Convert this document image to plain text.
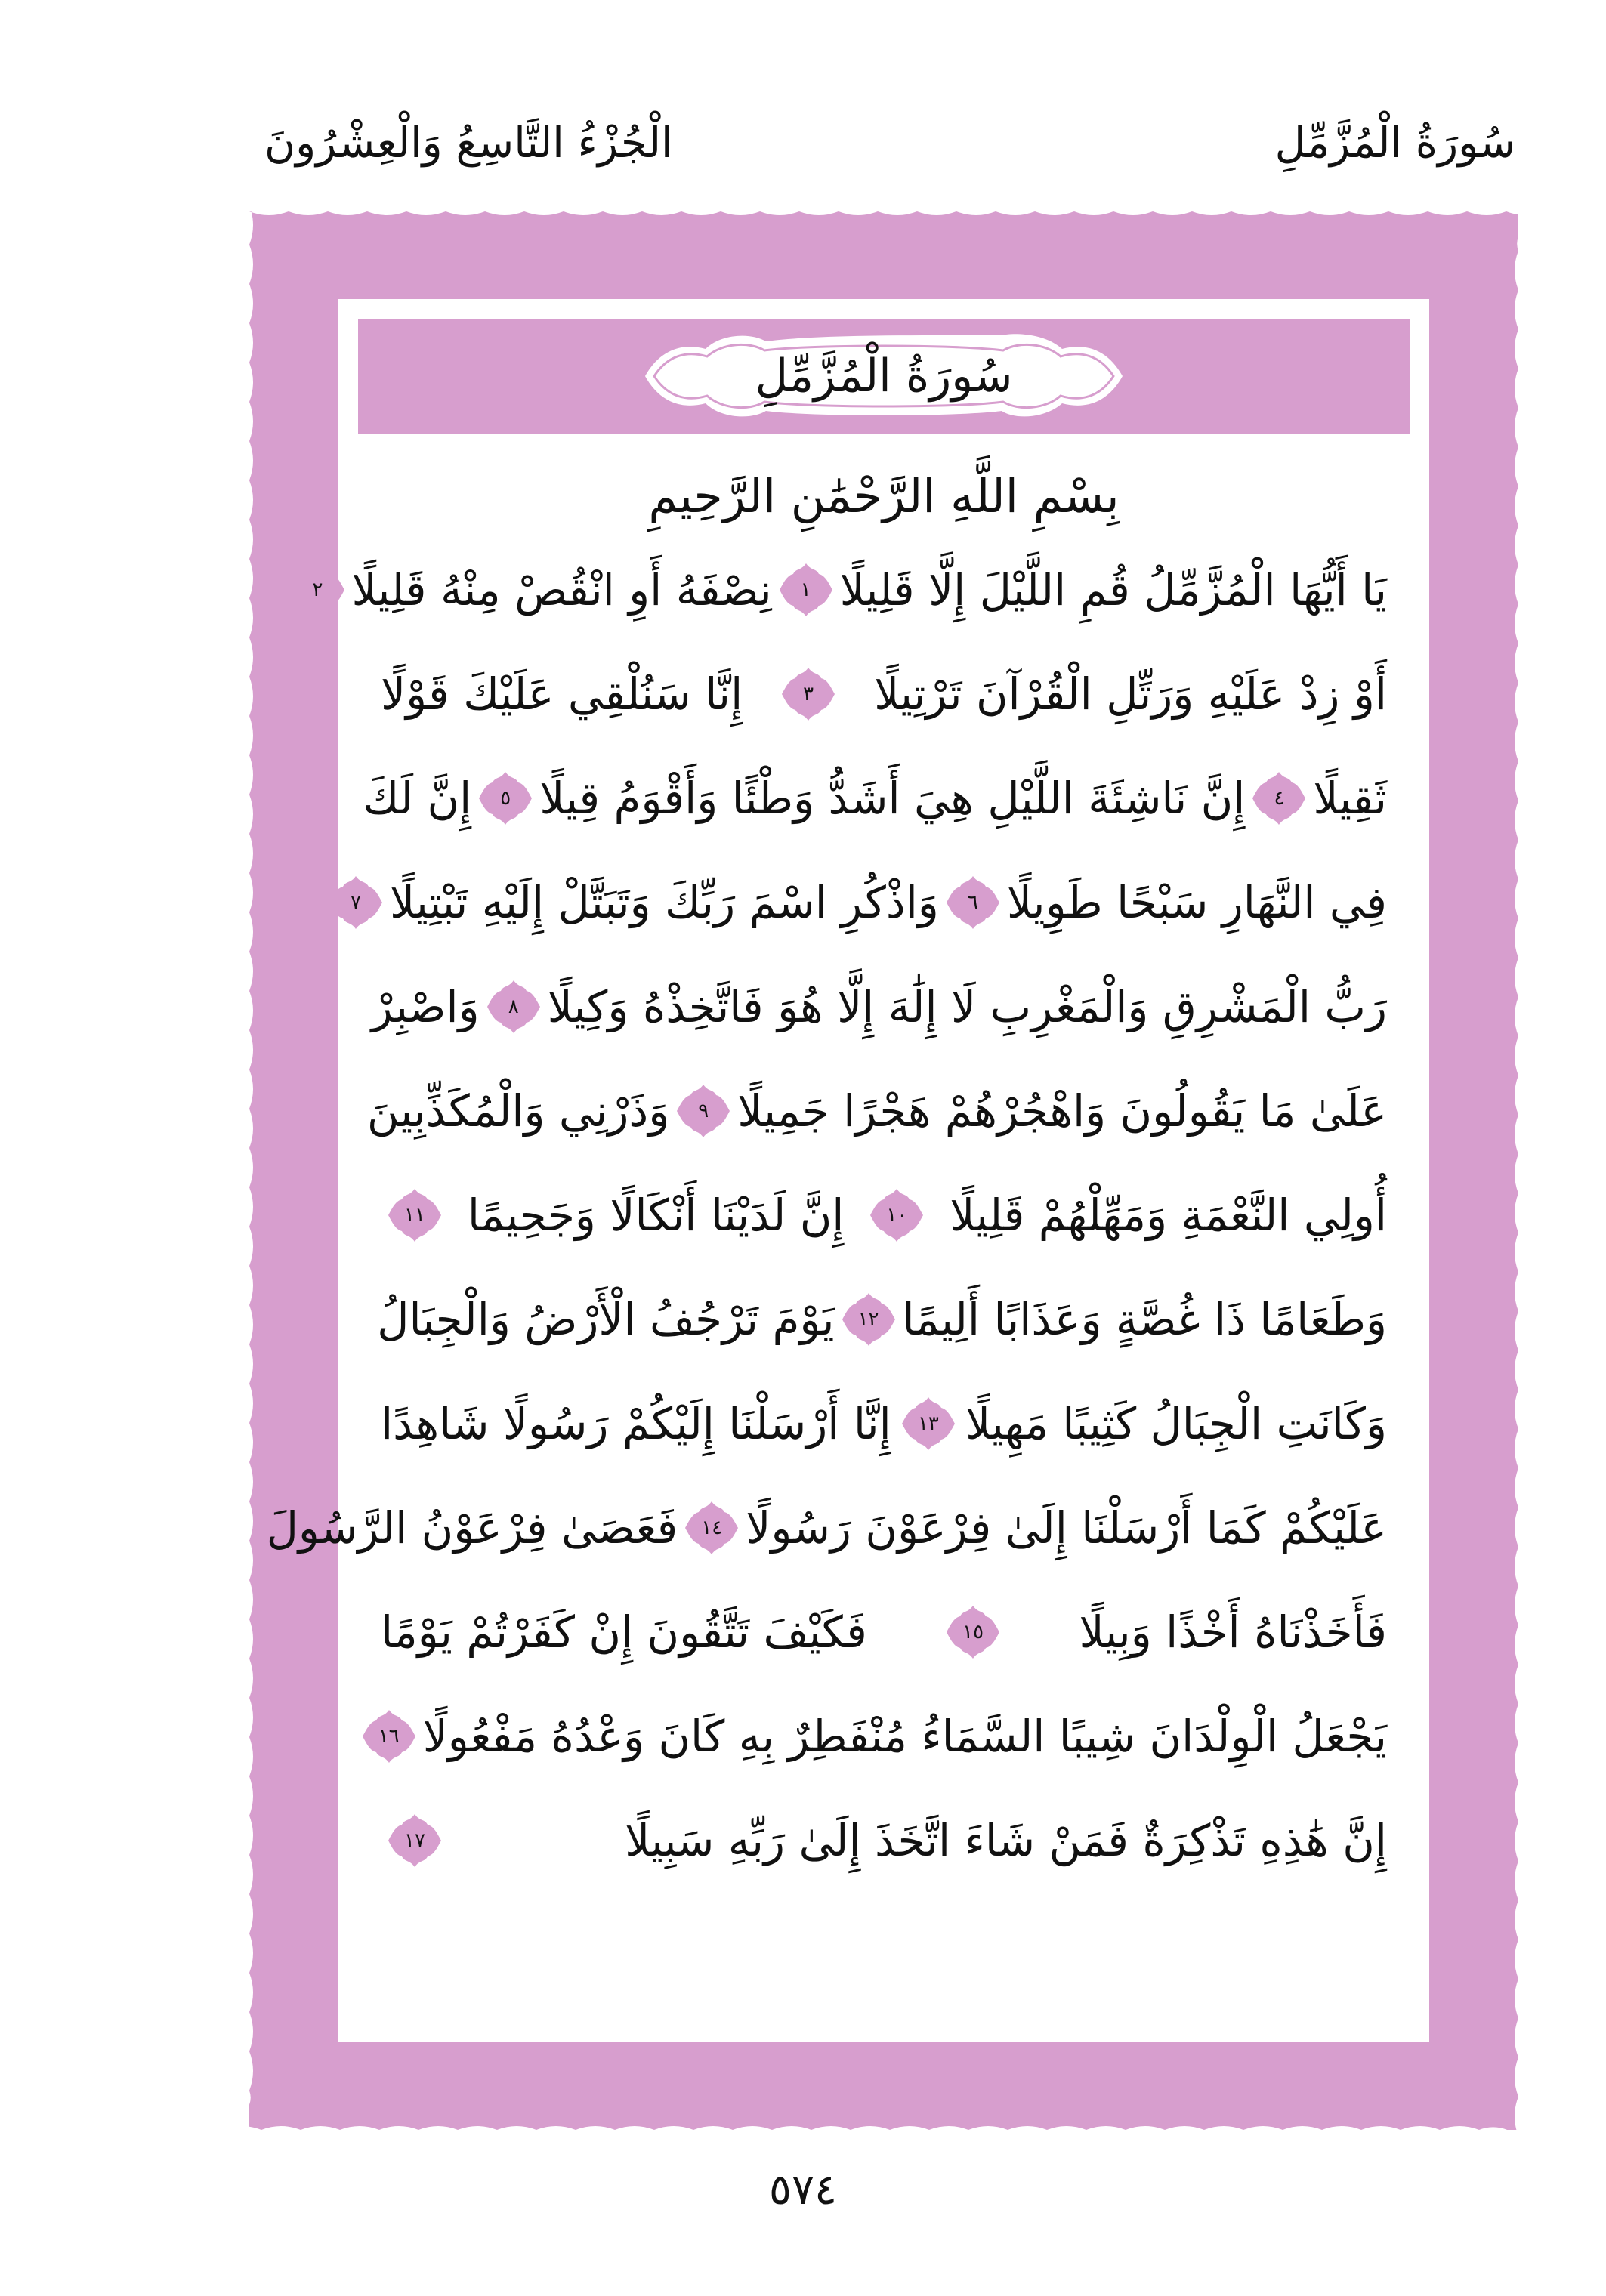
سُورَةُ الْمُزَّمِّلِ
الْجُزْءُ التَّاسِعُ وَالْعِشْرُونَ
سُورَةُ الْمُزَّمِّلِ
بِسْمِ اللَّهِ الرَّحْمَٰنِ الرَّحِيمِ
يَا أَيُّهَا الْمُزَّمِّلُ قُمِ اللَّيْلَ إِلَّا قَلِيلًا
١
نِصْفَهُ أَوِ انْقُصْ مِنْهُ قَلِيلًا
٢
أَوْ زِدْ عَلَيْهِ وَرَتِّلِ الْقُرْآنَ تَرْتِيلًا
٣
إِنَّا سَنُلْقِي عَلَيْكَ قَوْلًا
ثَقِيلًا
٤
إِنَّ نَاشِئَةَ اللَّيْلِ هِيَ أَشَدُّ وَطْئًا وَأَقْوَمُ قِيلًا
٥
إِنَّ لَكَ
فِي النَّهَارِ سَبْحًا طَوِيلًا
٦
وَاذْكُرِ اسْمَ رَبِّكَ وَتَبَتَّلْ إِلَيْهِ تَبْتِيلًا
٧
رَبُّ الْمَشْرِقِ وَالْمَغْرِبِ لَا إِلَٰهَ إِلَّا هُوَ فَاتَّخِذْهُ وَكِيلًا
٨
وَاصْبِرْ
عَلَىٰ مَا يَقُولُونَ وَاهْجُرْهُمْ هَجْرًا جَمِيلًا
٩
وَذَرْنِي وَالْمُكَذِّبِينَ
أُولِي النَّعْمَةِ وَمَهِّلْهُمْ قَلِيلًا
١٠
إِنَّ لَدَيْنَا أَنْكَالًا وَجَحِيمًا
١١
وَطَعَامًا ذَا غُصَّةٍ وَعَذَابًا أَلِيمًا
١٢
يَوْمَ تَرْجُفُ الْأَرْضُ وَالْجِبَالُ
وَكَانَتِ الْجِبَالُ كَثِيبًا مَهِيلًا
١٣
إِنَّا أَرْسَلْنَا إِلَيْكُمْ رَسُولًا شَاهِدًا
عَلَيْكُمْ كَمَا أَرْسَلْنَا إِلَىٰ فِرْعَوْنَ رَسُولًا
١٤
فَعَصَىٰ فِرْعَوْنُ الرَّسُولَ
فَأَخَذْنَاهُ أَخْذًا وَبِيلًا
١٥
فَكَيْفَ تَتَّقُونَ إِنْ كَفَرْتُمْ يَوْمًا
يَجْعَلُ الْوِلْدَانَ شِيبًا السَّمَاءُ مُنْفَطِرٌ بِهِ كَانَ وَعْدُهُ مَفْعُولًا
١٦
إِنَّ هَٰذِهِ تَذْكِرَةٌ فَمَنْ شَاءَ اتَّخَذَ إِلَىٰ رَبِّهِ سَبِيلًا
١٧
٥٧٤
